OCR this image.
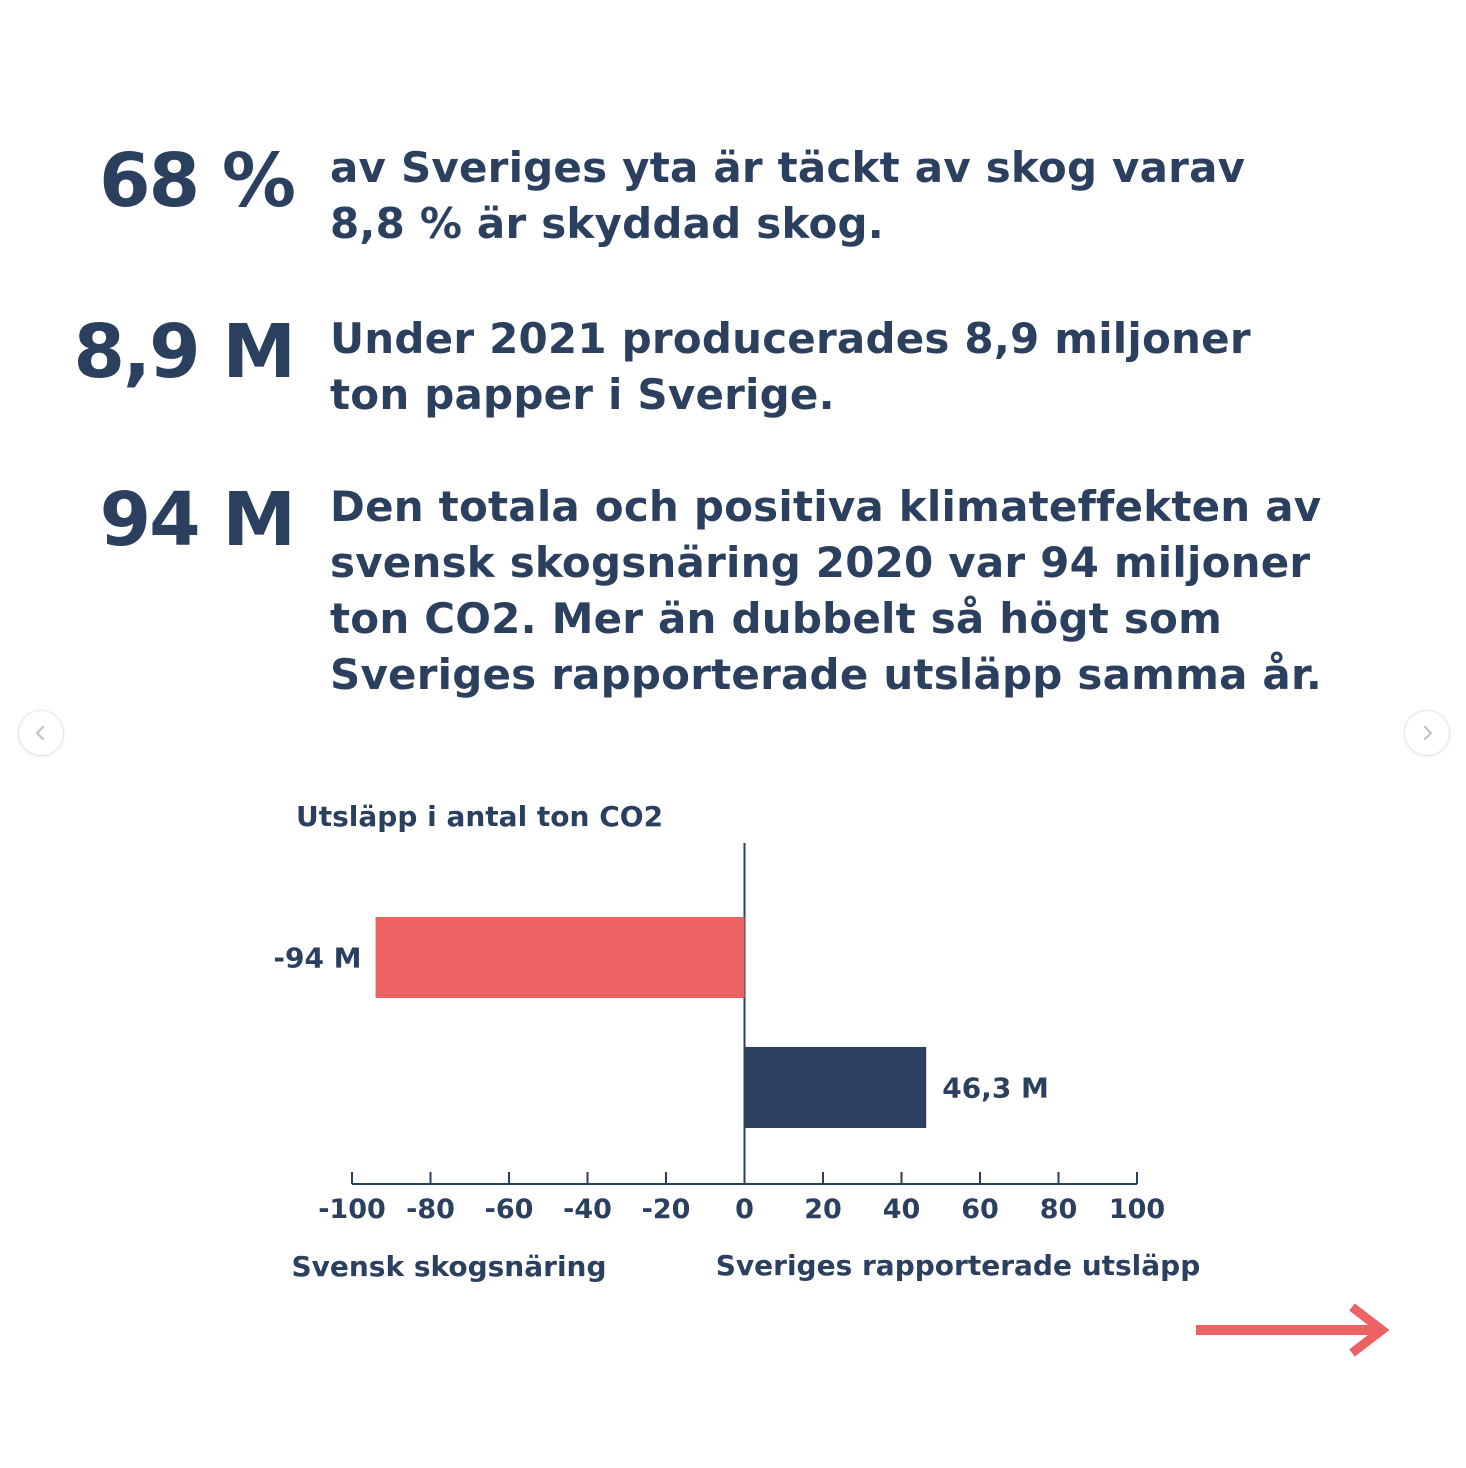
68 % av Sveriges yta är täckt av skog varav 8,8 % är skyddad skog.
8,9 M Under 2021 producerades 8,9 miljoner ton papper i Sverige.
94 M Den totala och positiva klimateffekten av svensk skogsnäring 2020 var 94 miljoner ton CO2. Mer än dubbelt så högt som Sveriges rapporterade utsläpp samma år.
Utsläpp i antal ton CO2
-100 -80 -60 -40 -20 0 20 40 60 80 100
-94 M
46,3 M
Svensk skogsnäring	Sveriges rapporterade utsläpp
